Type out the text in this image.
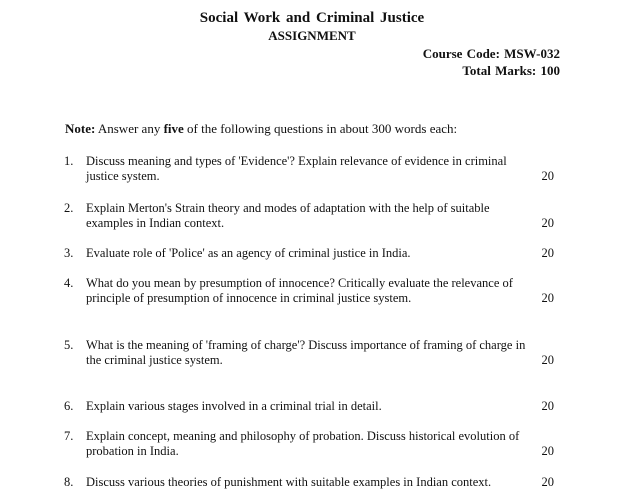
Social Work and Criminal Justice
ASSIGNMENT
Course Code: MSW-032
Total Marks: 100
Note: Answer any five of the following questions in about 300 words each:
1. Discuss meaning and types of 'Evidence'? Explain relevance of evidence in criminal justice system.	20
2. Explain Merton's Strain theory and modes of adaptation with the help of suitable examples in Indian context.	20
3. Evaluate role of 'Police' as an agency of criminal justice in India.	20
4. What do you mean by presumption of innocence? Critically evaluate the relevance of principle of presumption of innocence in criminal justice system.	20
5. What is the meaning of 'framing of charge'? Discuss importance of framing of charge in the criminal justice system.	20
6. Explain various stages involved in a criminal trial in detail.	20
7. Explain concept, meaning and philosophy of probation. Discuss historical evolution of probation in India.	20
8. Discuss various theories of punishment with suitable examples in Indian context.	20
